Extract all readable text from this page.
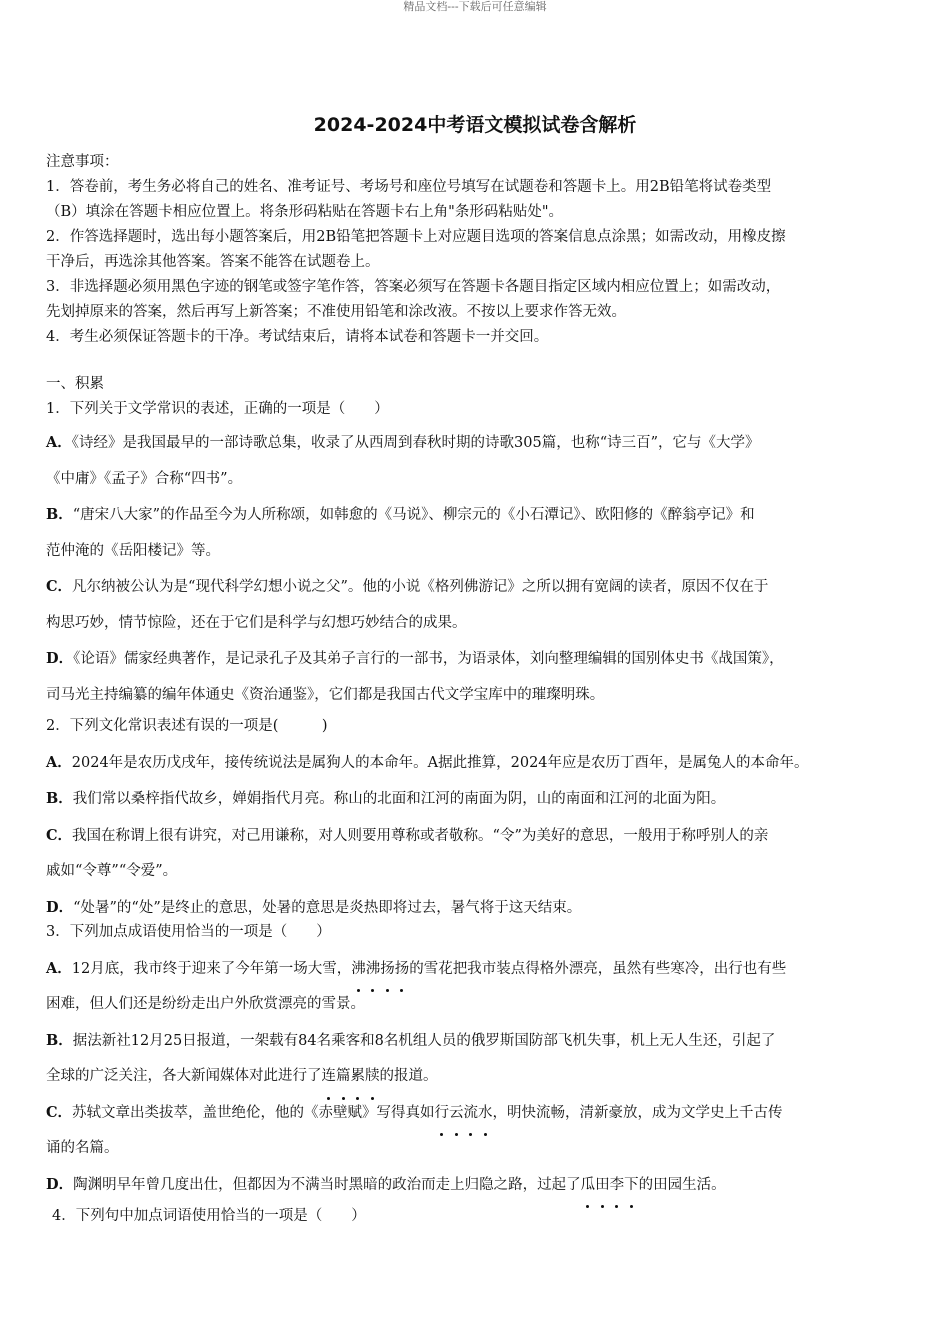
精品文档---下载后可任意编辑
2024-2024中考语文模拟试卷含解析
注意事项：
1．答卷前，考生务必将自己的姓名、准考证号、考场号和座位号填写在试题卷和答题卡上。用2B铅笔将试卷类型
（B）填涂在答题卡相应位置上。将条形码粘贴在答题卡右上角"条形码粘贴处"。
2．作答选择题时，选出每小题答案后，用2B铅笔把答题卡上对应题目选项的答案信息点涂黑；如需改动，用橡皮擦
干净后，再选涂其他答案。答案不能答在试题卷上。
3．非选择题必须用黑色字迹的钢笔或签字笔作答，答案必须写在答题卡各题目指定区域内相应位置上；如需改动，
先划掉原来的答案，然后再写上新答案；不准使用铅笔和涂改液。不按以上要求作答无效。
4．考生必须保证答题卡的干净。考试结束后，请将本试卷和答题卡一并交回。
一、积累
1．下列关于文学常识的表述，正确的一项是（　　）
A．《诗经》是我国最早的一部诗歌总集，收录了从西周到春秋时期的诗歌305篇，也称“诗三百”，它与《大学》
《中庸》《孟子》合称“四书”。
B．“唐宋八大家”的作品至今为人所称颂，如韩愈的《马说》、柳宗元的《小石潭记》、欧阳修的《醉翁亭记》和
范仲淹的《岳阳楼记》等。
C．凡尔纳被公认为是“现代科学幻想小说之父”。他的小说《格列佛游记》之所以拥有宽阔的读者，原因不仅在于
构思巧妙，情节惊险，还在于它们是科学与幻想巧妙结合的成果。
D．《论语》儒家经典著作，是记录孔子及其弟子言行的一部书，为语录体，刘向整理编辑的国别体史书《战国策》，
司马光主持编纂的编年体通史《资治通鉴》，它们都是我国古代文学宝库中的璀璨明珠。
2．下列文化常识表述有误的一项是(　　　)
A．2024年是农历戊戌年，接传统说法是属狗人的本命年。A据此推算，2024年应是农历丁酉年，是属兔人的本命年。
B．我们常以桑梓指代故乡，婵娟指代月亮。称山的北面和江河的南面为阴，山的南面和江河的北面为阳。
C．我国在称谓上很有讲究，对己用谦称，对人则要用尊称或者敬称。“令”为美好的意思，一般用于称呼别人的亲
戚如“令尊”“令爱”。
D．“处暑”的“处”是终止的意思，处暑的意思是炎热即将过去，暑气将于这天结束。
3．下列加点成语使用恰当的一项是（　　）
A．12月底，我市终于迎来了今年第一场大雪，沸沸扬扬的雪花把我市装点得格外漂亮，虽然有些寒冷，出行也有些
困难，但人们还是纷纷走出户外欣赏漂亮的雪景。
B．据法新社12月25日报道，一架载有84名乘客和8名机组人员的俄罗斯国防部飞机失事，机上无人生还，引起了
全球的广泛关注，各大新闻媒体对此进行了连篇累牍的报道。
C．苏轼文章出类拔萃，盖世绝伦，他的《赤壁赋》写得真如行云流水，明快流畅，清新豪放，成为文学史上千古传
诵的名篇。
D．陶渊明早年曾几度出仕，但都因为不满当时黑暗的政治而走上归隐之路，过起了瓜田李下的田园生活。
4．下列句中加点词语使用恰当的一项是（　　）
